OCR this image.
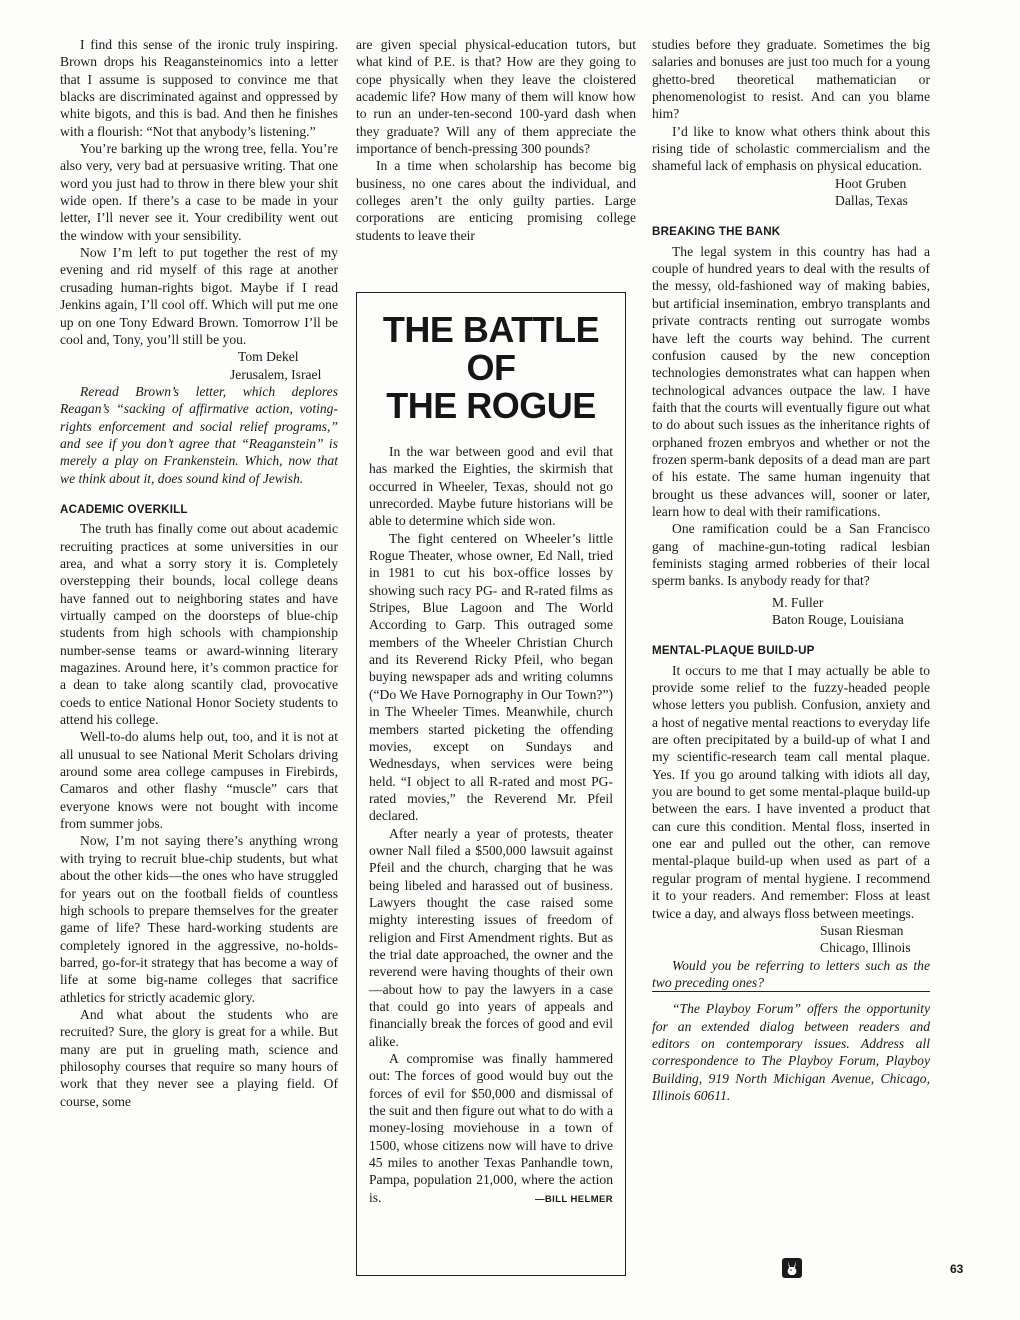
I find this sense of the ironic truly inspiring. Brown drops his Reagansteinomics into a letter that I assume is supposed to convince me that blacks are discriminated against and oppressed by white bigots, and this is bad. And then he finishes with a flourish: “Not that anybody’s listening.”

You’re barking up the wrong tree, fella. You’re also very, very bad at persuasive writing. That one word you just had to throw in there blew your shit wide open. If there’s a case to be made in your letter, I’ll never see it. Your credibility went out the window with your sensibility.

Now I’m left to put together the rest of my evening and rid myself of this rage at another crusading human-rights bigot. Maybe if I read Jenkins again, I’ll cool off. Which will put me one up on one Tony Edward Brown. Tomorrow I’ll be cool and, Tony, you’ll still be you.

Tom Dekel
Jerusalem, Israel

Reread Brown’s letter, which deplores Reagan’s “sacking of affirmative action, voting-rights enforcement and social relief programs,” and see if you don’t agree that “Reaganstein” is merely a play on Frankenstein. Which, now that we think about it, does sound kind of Jewish.

ACADEMIC OVERKILL

The truth has finally come out about academic recruiting practices at some universities in our area, and what a sorry story it is. Completely overstepping their bounds, local college deans have fanned out to neighboring states and have virtually camped on the doorsteps of blue-chip students from high schools with championship number-sense teams or award-winning literary magazines. Around here, it’s common practice for a dean to take along scantily clad, provocative coeds to entice National Honor Society students to attend his college.

Well-to-do alums help out, too, and it is not at all unusual to see National Merit Scholars driving around some area college campuses in Firebirds, Camaros and other flashy “muscle” cars that everyone knows were not bought with income from summer jobs.

Now, I’m not saying there’s anything wrong with trying to recruit blue-chip students, but what about the other kids—the ones who have struggled for years out on the football fields of countless high schools to prepare themselves for the greater game of life? These hard-working students are completely ignored in the aggressive, no-holds-barred, go-for-it strategy that has become a way of life at some big-name colleges that sacrifice athletics for strictly academic glory.

And what about the students who are recruited? Sure, the glory is great for a while. But many are put in grueling math, science and philosophy courses that require so many hours of work that they never see a playing field. Of course, some

are given special physical-education tutors, but what kind of P.E. is that? How are they going to cope physically when they leave the cloistered academic life? How many of them will know how to run an under-ten-second 100-yard dash when they graduate? Will any of them appreciate the importance of bench-pressing 300 pounds?

In a time when scholarship has become big business, no one cares about the individual, and colleges aren’t the only guilty parties. Large corporations are enticing promising college students to leave their

THE BATTLE
OF
THE ROGUE

In the war between good and evil that has marked the Eighties, the skirmish that occurred in Wheeler, Texas, should not go unrecorded. Maybe future historians will be able to determine which side won.

The fight centered on Wheeler’s little Rogue Theater, whose owner, Ed Nall, tried in 1981 to cut his box-office losses by showing such racy PG- and R-rated films as Stripes, Blue Lagoon and The World According to Garp. This outraged some members of the Wheeler Christian Church and its Reverend Ricky Pfeil, who began buying newspaper ads and writing columns (“Do We Have Pornography in Our Town?”) in The Wheeler Times. Meanwhile, church members started picketing the offending movies, except on Sundays and Wednesdays, when services were being held. “I object to all R-rated and most PG-rated movies,” the Reverend Mr. Pfeil declared.

After nearly a year of protests, theater owner Nall filed a $500,000 lawsuit against Pfeil and the church, charging that he was being libeled and harassed out of business. Lawyers thought the case raised some mighty interesting issues of freedom of religion and First Amendment rights. But as the trial date approached, the owner and the reverend were having thoughts of their own—about how to pay the lawyers in a case that could go into years of appeals and financially break the forces of good and evil alike.

A compromise was finally hammered out: The forces of good would buy out the forces of evil for $50,000 and dismissal of the suit and then figure out what to do with a money-losing moviehouse in a town of 1500, whose citizens now will have to drive 45 miles to another Texas Panhandle town, Pampa, population 21,000, where the action is.	—BILL HELMER

studies before they graduate. Sometimes the big salaries and bonuses are just too much for a young ghetto-bred theoretical mathematician or phenomenologist to resist. And can you blame him?

I’d like to know what others think about this rising tide of scholastic commercialism and the shameful lack of emphasis on physical education.

Hoot Gruben
Dallas, Texas
BREAKING THE BANK

The legal system in this country has had a couple of hundred years to deal with the results of the messy, old-fashioned way of making babies, but artificial insemination, embryo transplants and private contracts renting out surrogate wombs have left the courts way behind. The current confusion caused by the new conception technologies demonstrates what can happen when technological advances outpace the law. I have faith that the courts will eventually figure out what to do about such issues as the inheritance rights of orphaned frozen embryos and whether or not the frozen sperm-bank deposits of a dead man are part of his estate. The same human ingenuity that brought us these advances will, sooner or later, learn how to deal with their ramifications.

One ramification could be a San Francisco gang of machine-gun-toting radical lesbian feminists staging armed robberies of their local sperm banks. Is anybody ready for that?

M. Fuller
Baton Rouge, Louisiana
MENTAL-PLAQUE BUILD-UP

It occurs to me that I may actually be able to provide some relief to the fuzzy-headed people whose letters you publish. Confusion, anxiety and a host of negative mental reactions to everyday life are often precipitated by a build-up of what I and my scientific-research team call mental plaque. Yes. If you go around talking with idiots all day, you are bound to get some mental-plaque build-up between the ears. I have invented a product that can cure this condition. Mental floss, inserted in one ear and pulled out the other, can remove mental-plaque build-up when used as part of a regular program of mental hygiene. I recommend it to your readers. And remember: Floss at least twice a day, and always floss between meetings.

Susan Riesman
Chicago, Illinois

Would you be referring to letters such as the two preceding ones?

“The Playboy Forum” offers the opportunity for an extended dialog between readers and editors on contemporary issues. Address all correspondence to The Playboy Forum, Playboy Building, 919 North Michigan Avenue, Chicago, Illinois 60611.

63
